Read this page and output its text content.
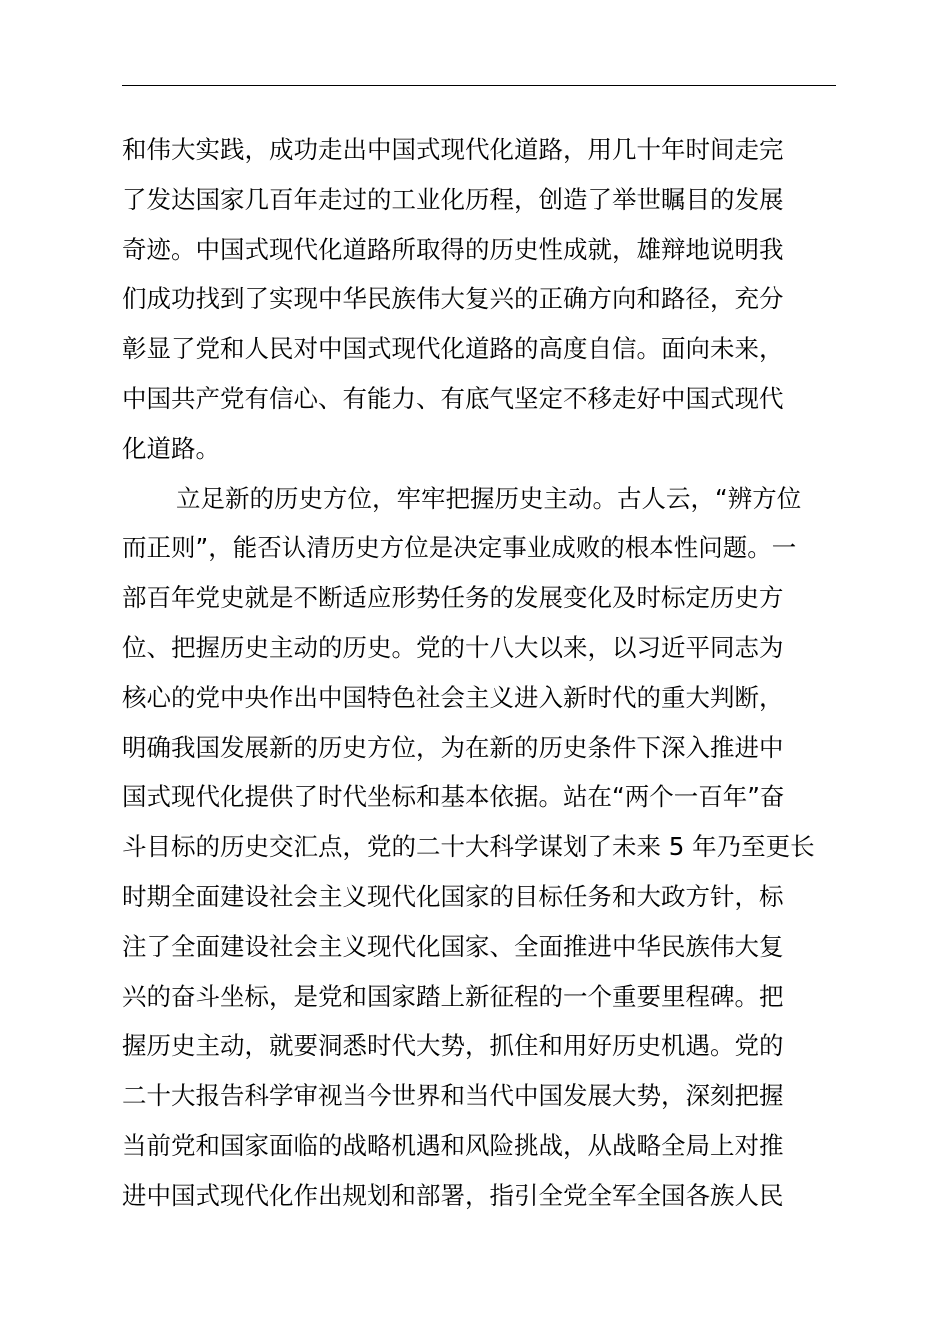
和伟大实践，成功走出中国式现代化道路，用几十年时间走完
了发达国家几百年走过的工业化历程，创造了举世瞩目的发展
奇迹。中国式现代化道路所取得的历史性成就，雄辩地说明我
们成功找到了实现中华民族伟大复兴的正确方向和路径，充分
彰显了党和人民对中国式现代化道路的高度自信。面向未来，
中国共产党有信心、有能力、有底气坚定不移走好中国式现代
化道路。
立足新的历史方位，牢牢把握历史主动。古人云，“辨方位
而正则”，能否认清历史方位是决定事业成败的根本性问题。一
部百年党史就是不断适应形势任务的发展变化及时标定历史方
位、把握历史主动的历史。党的十八大以来，以习近平同志为
核心的党中央作出中国特色社会主义进入新时代的重大判断，
明确我国发展新的历史方位，为在新的历史条件下深入推进中
国式现代化提供了时代坐标和基本依据。站在“两个一百年”奋
斗目标的历史交汇点，党的二十大科学谋划了未来 5 年乃至更长
时期全面建设社会主义现代化国家的目标任务和大政方针，标
注了全面建设社会主义现代化国家、全面推进中华民族伟大复
兴的奋斗坐标，是党和国家踏上新征程的一个重要里程碑。把
握历史主动，就要洞悉时代大势，抓住和用好历史机遇。党的
二十大报告科学审视当今世界和当代中国发展大势，深刻把握
当前党和国家面临的战略机遇和风险挑战，从战略全局上对推
进中国式现代化作出规划和部署，指引全党全军全国各族人民
